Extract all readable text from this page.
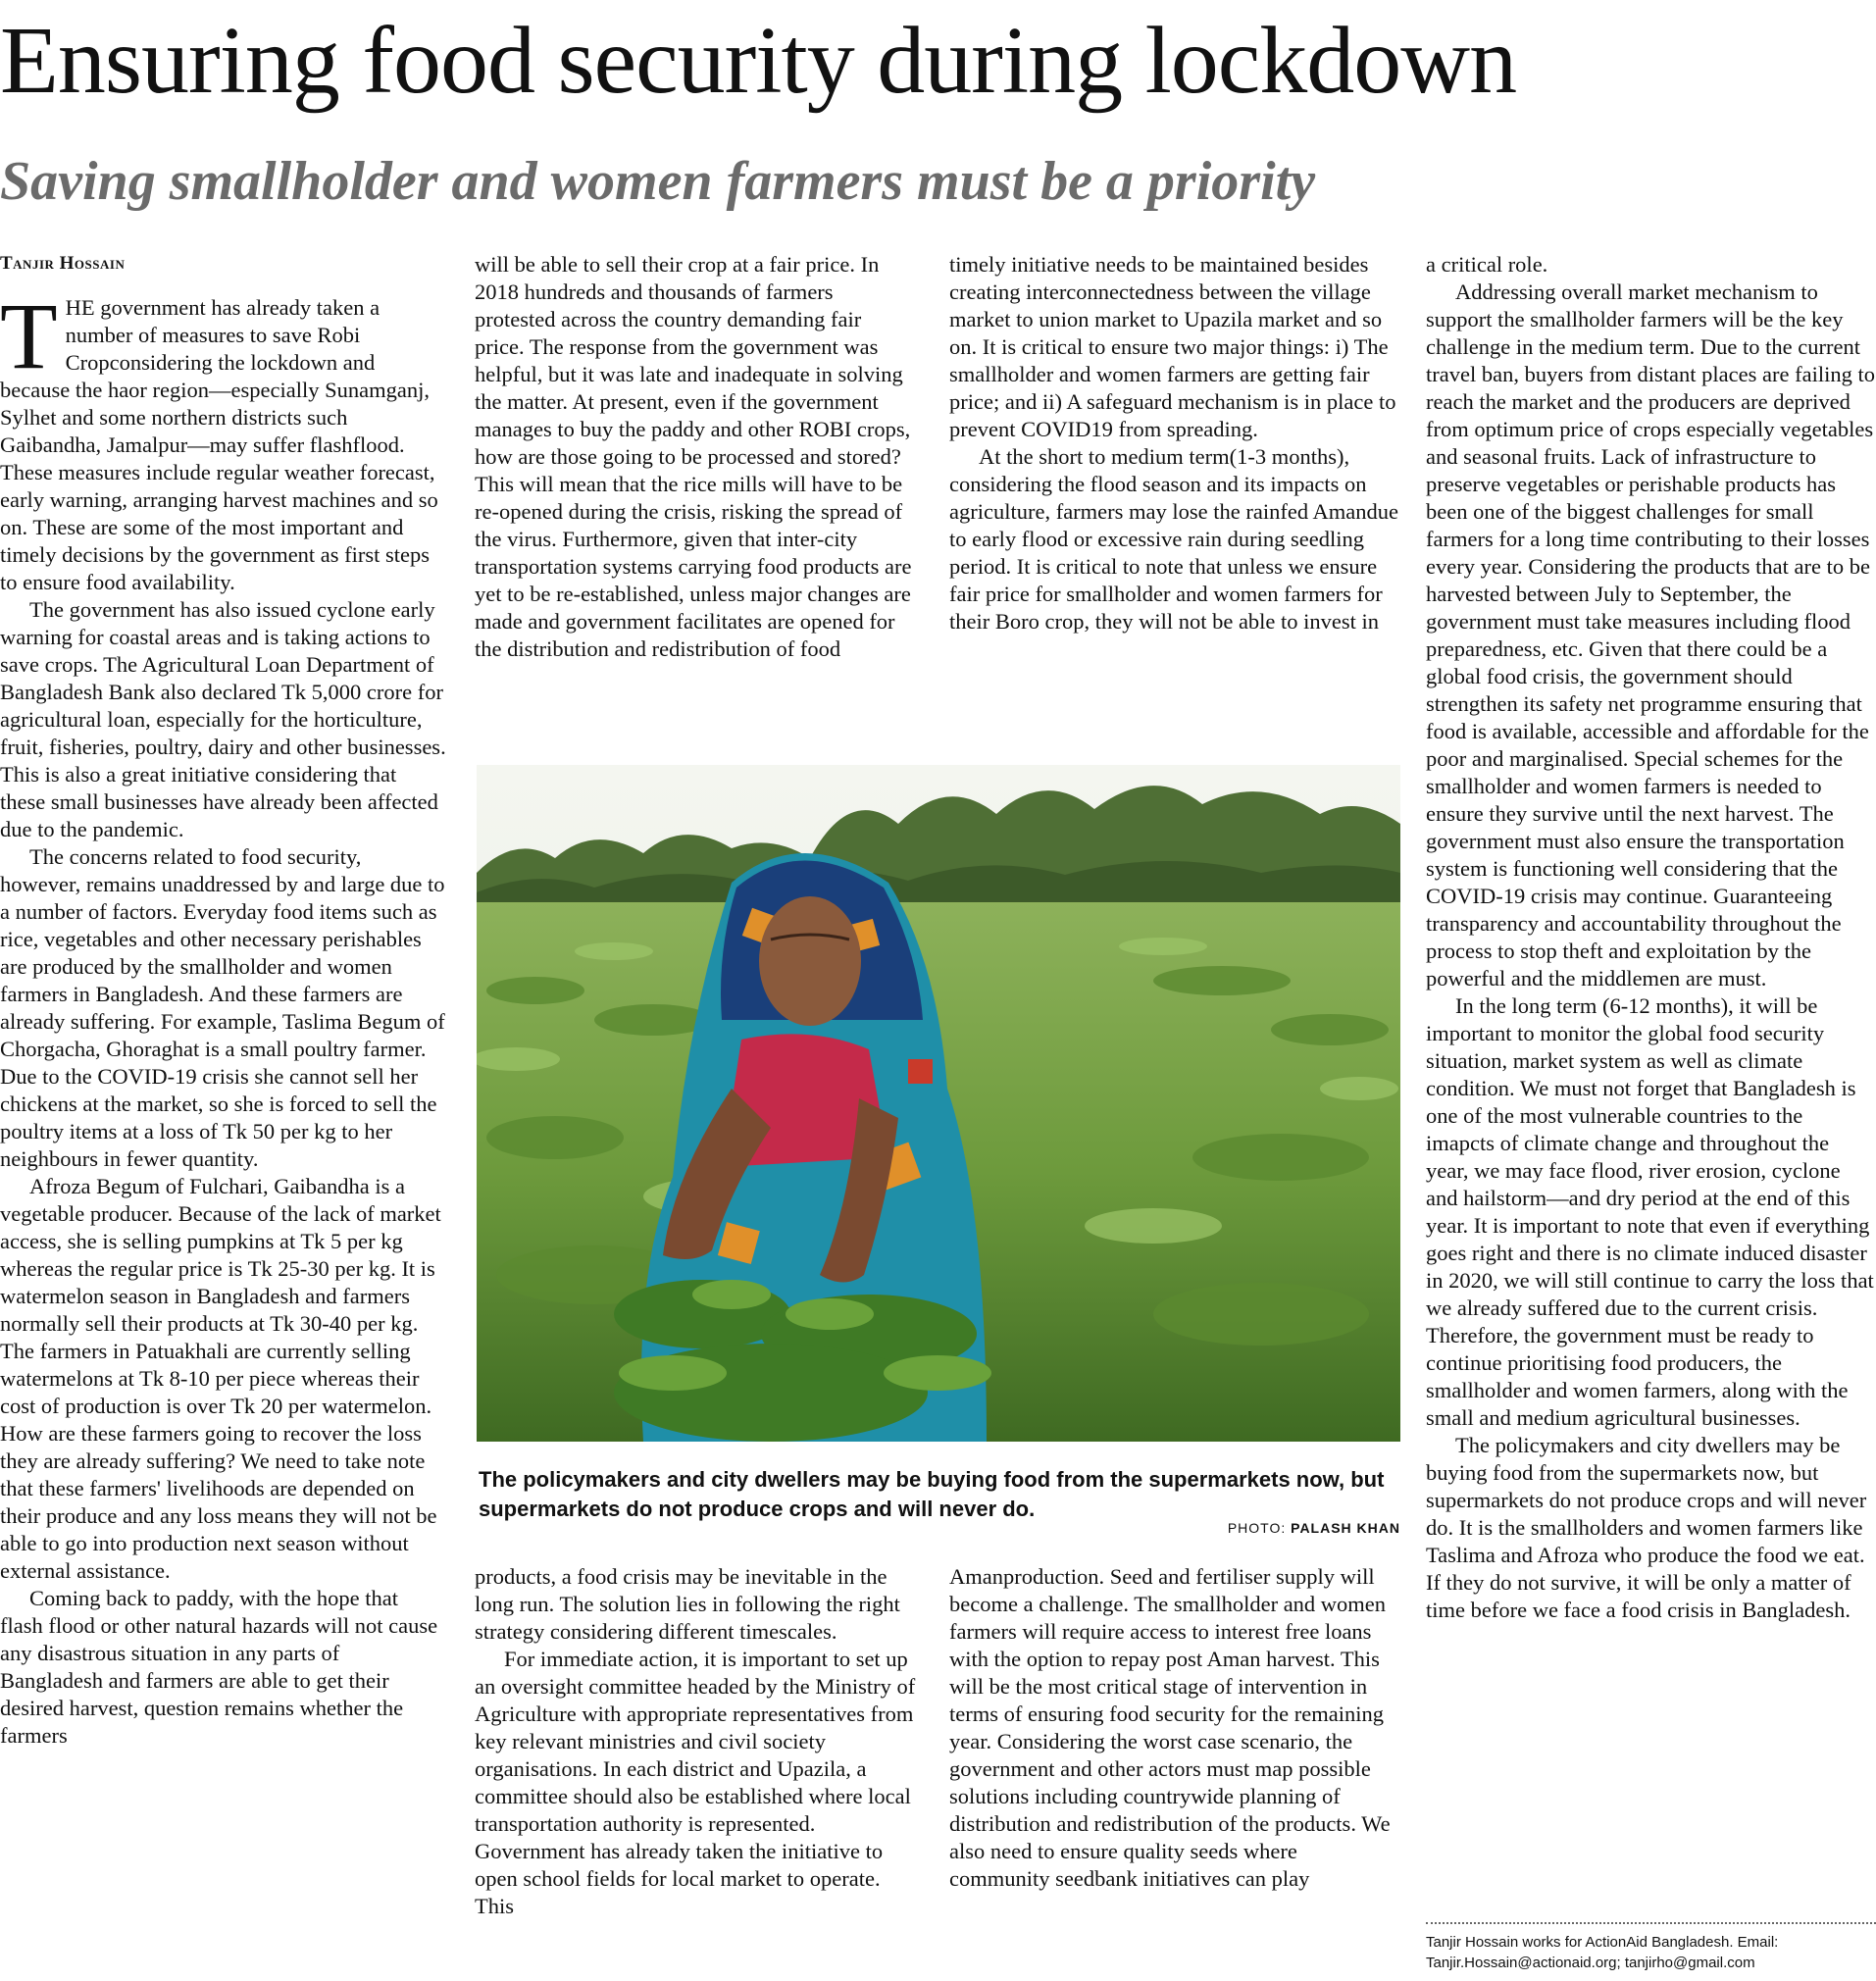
Ensuring food security during lockdown
Saving smallholder and women farmers must be a priority
Tanjir Hossain

THE government has already taken a number of measures to save Robi Cropconsidering the lockdown and because the haor region—especially Sunamganj, Sylhet and some northern districts such Gaibandha, Jamalpur—may suffer flashflood. These measures include regular weather forecast, early warning, arranging harvest machines and so on. These are some of the most important and timely decisions by the government as first steps to ensure food availability.

The government has also issued cyclone early warning for coastal areas and is taking actions to save crops. The Agricultural Loan Department of Bangladesh Bank also declared Tk 5,000 crore for agricultural loan, especially for the horticulture, fruit, fisheries, poultry, dairy and other businesses. This is also a great initiative considering that these small businesses have already been affected due to the pandemic.

The concerns related to food security, however, remains unaddressed by and large due to a number of factors. Everyday food items such as rice, vegetables and other necessary perishables are produced by the smallholder and women farmers in Bangladesh. And these farmers are already suffering. For example, Taslima Begum of Chorgacha, Ghoraghat is a small poultry farmer. Due to the COVID-19 crisis she cannot sell her chickens at the market, so she is forced to sell the poultry items at a loss of Tk 50 per kg to her neighbours in fewer quantity.

Afroza Begum of Fulchari, Gaibandha is a vegetable producer. Because of the lack of market access, she is selling pumpkins at Tk 5 per kg whereas the regular price is Tk 25-30 per kg. It is watermelon season in Bangladesh and farmers normally sell their products at Tk 30-40 per kg. The farmers in Patuakhali are currently selling watermelons at Tk 8-10 per piece whereas their cost of production is over Tk 20 per watermelon. How are these farmers going to recover the loss they are already suffering? We need to take note that these farmers' livelihoods are depended on their produce and any loss means they will not be able to go into production next season without external assistance.

Coming back to paddy, with the hope that flash flood or other natural hazards will not cause any disastrous situation in any parts of Bangladesh and farmers are able to get their desired harvest, question remains whether the farmers

will be able to sell their crop at a fair price. In 2018 hundreds and thousands of farmers protested across the country demanding fair price. The response from the government was helpful, but it was late and inadequate in solving the matter. At present, even if the government manages to buy the paddy and other ROBI crops, how are those going to be processed and stored? This will mean that the rice mills will have to be re-opened during the crisis, risking the spread of the virus. Furthermore, given that inter-city transportation systems carrying food products are yet to be re-established, unless major changes are made and government facilitates are opened for the distribution and redistribution of food

timely initiative needs to be maintained besides creating interconnectedness between the village market to union market to Upazila market and so on. It is critical to ensure two major things: i) The smallholder and women farmers are getting fair price; and ii) A safeguard mechanism is in place to prevent COVID19 from spreading.

At the short to medium term(1-3 months), considering the flood season and its impacts on agriculture, farmers may lose the rainfed Amandue to early flood or excessive rain during seedling period. It is critical to note that unless we ensure fair price for smallholder and women farmers for their Boro crop, they will not be able to invest in

The policymakers and city dwellers may be buying food from the supermarkets now, but supermarkets do not produce crops and will never do.

PHOTO: PALASH KHAN

products, a food crisis may be inevitable in the long run. The solution lies in following the right strategy considering different timescales.

For immediate action, it is important to set up an oversight committee headed by the Ministry of Agriculture with appropriate representatives from key relevant ministries and civil society organisations. In each district and Upazila, a committee should also be established where local transportation authority is represented. Government has already taken the initiative to open school fields for local market to operate. This

Amanproduction. Seed and fertiliser supply will become a challenge. The smallholder and women farmers will require access to interest free loans with the option to repay post Aman harvest. This will be the most critical stage of intervention in terms of ensuring food security for the remaining year. Considering the worst case scenario, the government and other actors must map possible solutions including countrywide planning of distribution and redistribution of the products. We also need to ensure quality seeds where community seedbank initiatives can play

a critical role.

Addressing overall market mechanism to support the smallholder farmers will be the key challenge in the medium term. Due to the current travel ban, buyers from distant places are failing to reach the market and the producers are deprived from optimum price of crops especially vegetables and seasonal fruits. Lack of infrastructure to preserve vegetables or perishable products has been one of the biggest challenges for small farmers for a long time contributing to their losses every year. Considering the products that are to be harvested between July to September, the government must take measures including flood preparedness, etc. Given that there could be a global food crisis, the government should strengthen its safety net programme ensuring that food is available, accessible and affordable for the poor and marginalised. Special schemes for the smallholder and women farmers is needed to ensure they survive until the next harvest. The government must also ensure the transportation system is functioning well considering that the COVID-19 crisis may continue. Guaranteeing transparency and accountability throughout the process to stop theft and exploitation by the powerful and the middlemen are must.

In the long term (6-12 months), it will be important to monitor the global food security situation, market system as well as climate condition. We must not forget that Bangladesh is one of the most vulnerable countries to the imapcts of climate change and throughout the year, we may face flood, river erosion, cyclone and hailstorm—and dry period at the end of this year. It is important to note that even if everything goes right and there is no climate induced disaster in 2020, we will still continue to carry the loss that we already suffered due to the current crisis. Therefore, the government must be ready to continue prioritising food producers, the smallholder and women farmers, along with the small and medium agricultural businesses.

The policymakers and city dwellers may be buying food from the supermarkets now, but supermarkets do not produce crops and will never do. It is the smallholders and women farmers like Taslima and Afroza who produce the food we eat. If they do not survive, it will be only a matter of time before we face a food crisis in Bangladesh.

Tanjir Hossain works for ActionAid Bangladesh. Email: Tanjir.Hossain@actionaid.org; tanjirho@gmail.com
